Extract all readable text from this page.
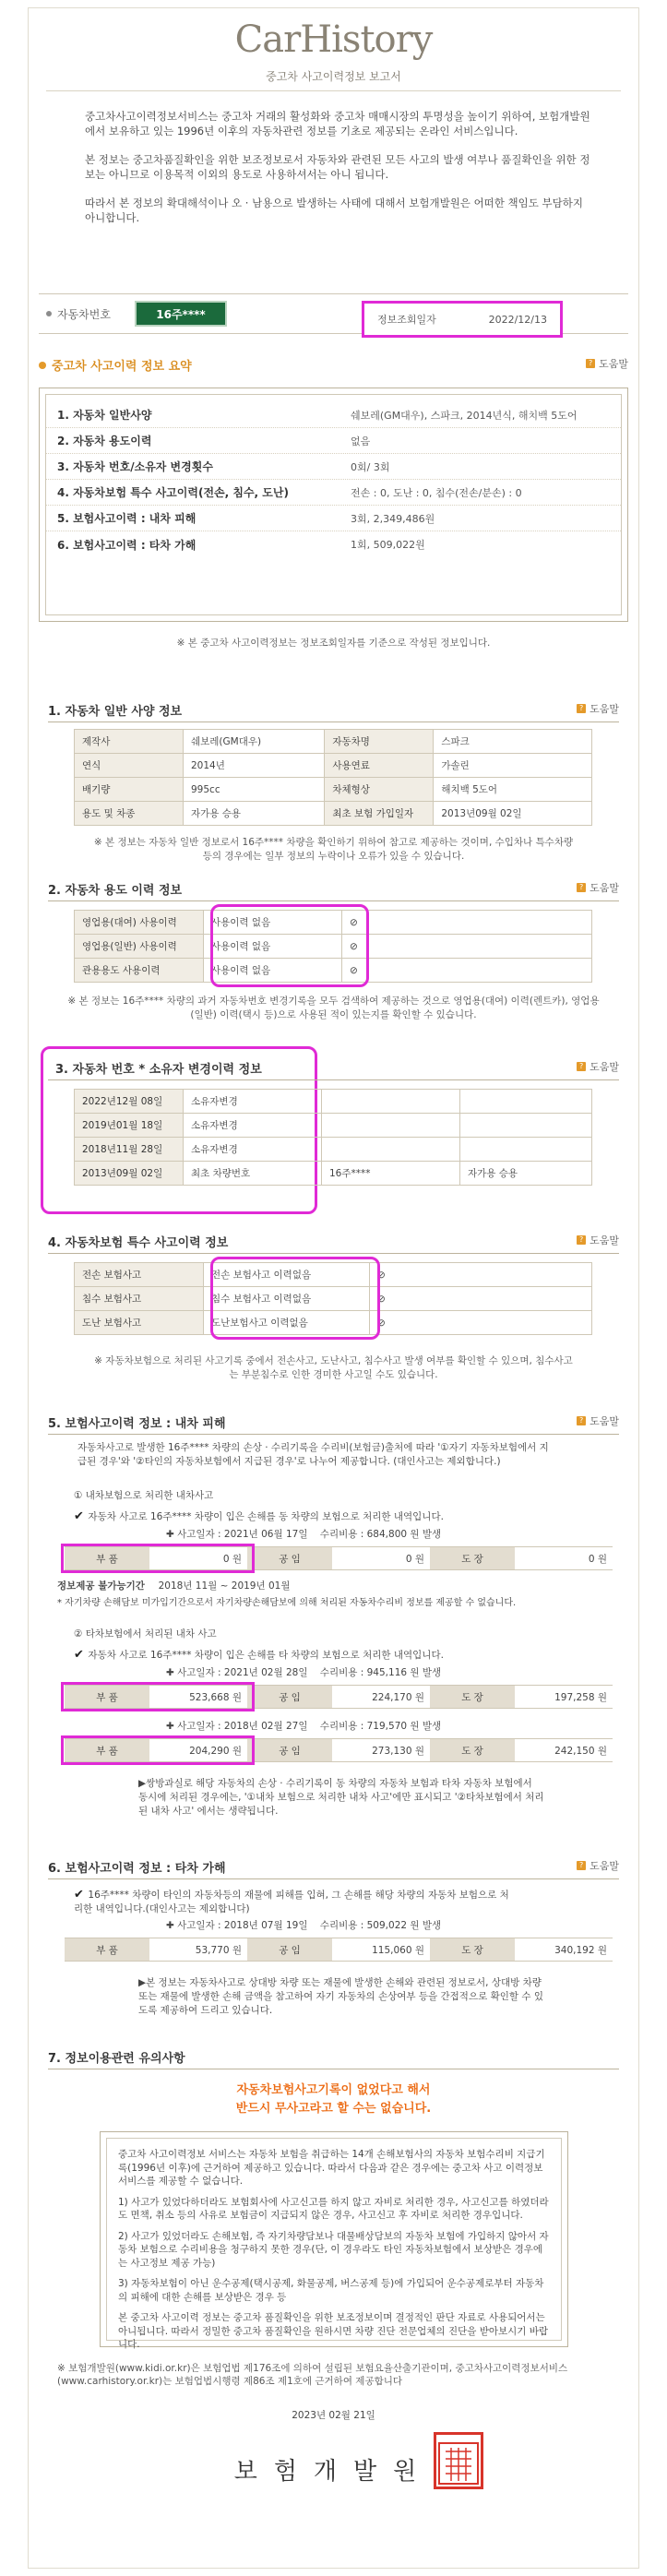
CarHistory
중고차 사고이력정보 보고서

중고차사고이력정보서비스는 중고차 거래의 활성화와 중고차 매매시장의 투명성을 높이기 위하여, 보험개발원에서 보유하고 있는 1996년 이후의 자동차관련 정보를 기초로 제공되는 온라인 서비스입니다.

본 정보는 중고차품질확인을 위한 보조정보로서 자동차와 관련된 모든 사고의 발생 여부나 품질확인을 위한 정보는 아니므로 이용목적 이외의 용도로 사용하셔서는 아니 됩니다.

따라서 본 정보의 확대해석이나 오 · 남용으로 발생하는 사태에 대해서 보험개발원은 어떠한 책임도 부담하지 아니합니다.

자동차번호	16주****	정보조회일자	2022/12/13
중고차 사고이력 정보 요약	? 도움말
1. 자동차 일반사양	쉐보레(GM대우), 스파크, 2014년식, 해치백 5도어
2. 자동차 용도이력	없음
3. 자동차 번호/소유자 변경횟수	0회/ 3회
4. 자동차보험 특수 사고이력(전손, 침수, 도난)	전손 : 0, 도난 : 0, 침수(전손/분손) : 0
5. 보험사고이력 : 내차 피해	3회, 2,349,486원
6. 보험사고이력 : 타차 가해	1회, 509,022원
※ 본 중고차 사고이력정보는 정보조회일자를 기준으로 작성된 정보입니다.
1. 자동차 일반 사양 정보	? 도움말
제작사	쉐보레(GM대우)	자동차명	스파크
연식	2014년	사용연료	가솔린
배기량	995cc	차체형상	해치백 5도어
용도 및 차종	자가용 승용	최초 보험 가입일자	2013년09월 02일
※ 본 정보는 자동차 일반 정보로서 16주**** 차량을 확인하기 위하여 참고로 제공하는 것이며, 수입차나 특수차량 등의 경우에는 일부 정보의 누락이나 오류가 있을 수 있습니다.
2. 자동차 용도 이력 정보	? 도움말
영업용(대여) 사용이력	사용이력 없음	⊘
영업용(일반) 사용이력	사용이력 없음	⊘
관용용도 사용이력	사용이력 없음	⊘
※ 본 정보는 16주**** 차량의 과거 자동차번호 변경기록을 모두 검색하여 제공하는 것으로 영업용(대여) 이력(렌트카), 영업용(일반) 이력(택시 등)으로 사용된 적이 있는지를 확인할 수 있습니다.
3. 자동차 번호 * 소유자 변경이력 정보	? 도움말
2022년12월 08일	소유자변경		
2019년01월 18일	소유자변경		
2018년11월 28일	소유자변경		
2013년09월 02일	최초 차량번호	16주****	자가용 승용
4. 자동차보험 특수 사고이력 정보	? 도움말
전손 보험사고	전손 보험사고 이력없음	⊘
침수 보험사고	침수 보험사고 이력없음	⊘
도난 보험사고	도난보험사고 이력없음	⊘
※ 자동차보험으로 처리된 사고기록 중에서 전손사고, 도난사고, 침수사고 발생 여부를 확인할 수 있으며, 침수사고는 부분침수로 인한 경미한 사고일 수도 있습니다.
5. 보험사고이력 정보 : 내차 피해	? 도움말
자동차사고로 발생한 16주**** 차량의 손상 · 수리기록을 수리비(보험금)출처에 따라 '①자기 자동차보험에서 지급된 경우'와 '②타인의 자동차보험에서 지급된 경우'로 나누어 제공합니다. (대인사고는 제외합니다.)
① 내차보험으로 처리한 내차사고
✔ 자동차 사고로 16주**** 차량이 입은 손해를 동 차량의 보험으로 처리한 내역입니다.
✚ 사고일자 : 2021년 06월 17일 수리비용 : 684,800 원 발생
부 품	0 원	공 임	0 원	도 장	0 원
정보제공 불가능기간 2018년 11월 ~ 2019년 01월
* 자기차량 손해담보 미가입기간으로서 자기차량손해담보에 의해 처리된 자동차수리비 정보를 제공할 수 없습니다.
② 타차보험에서 처리된 내차 사고
✔ 자동차 사고로 16주**** 차량이 입은 손해를 타 차량의 보험으로 처리한 내역입니다.
✚ 사고일자 : 2021년 02월 28일 수리비용 : 945,116 원 발생
부 품	523,668 원	공 임	224,170 원	도 장	197,258 원
✚ 사고일자 : 2018년 02월 27일 수리비용 : 719,570 원 발생
부 품	204,290 원	공 임	273,130 원	도 장	242,150 원
▶쌍방과실로 해당 자동차의 손상 · 수리기록이 동 차량의 자동차 보험과 타차 자동차 보험에서 동시에 처리된 경우에는, '①내차 보험으로 처리한 내차 사고'에만 표시되고 '②타차보험에서 처리된 내차 사고' 에서는 생략됩니다.
6. 보험사고이력 정보 : 타차 가해	? 도움말
✔ 16주**** 차량이 타인의 자동차등의 재물에 피해를 입혀, 그 손해를 해당 차량의 자동차 보험으로 처리한 내역입니다.(대인사고는 제외합니다)
✚ 사고일자 : 2018년 07월 19일 수리비용 : 509,022 원 발생
부 품	53,770 원	공 임	115,060 원	도 장	340,192 원
▶본 정보는 자동차사고로 상대방 차량 또는 재물에 발생한 손해와 관련된 정보로서, 상대방 차량 또는 재물에 발생한 손해 금액을 참고하여 자기 자동차의 손상여부 등을 간접적으로 확인할 수 있도록 제공하여 드리고 있습니다.
7. 정보이용관련 유의사항
자동차보험사고기록이 없었다고 해서
반드시 무사고라고 할 수는 없습니다.

중고차 사고이력정보 서비스는 자동차 보험을 취급하는 14개 손해보험사의 자동차 보험수리비 지급기록(1996년 이후)에 근거하여 제공하고 있습니다. 따라서 다음과 같은 경우에는 중고차 사고 이력정보 서비스를 제공할 수 없습니다.

1) 사고가 있었다하더라도 보험회사에 사고신고를 하지 않고 자비로 처리한 경우, 사고신고를 하였더라도 면책, 취소 등의 사유로 보험금이 지급되지 않은 경우, 사고신고 후 자비로 처리한 경우입니다.

2) 사고가 있었더라도 손해보험, 즉 자기차량담보나 대물배상담보의 자동차 보험에 가입하지 않아서 자동차 보험으로 수리비용을 청구하지 못한 경우(단, 이 경우라도 타인 자동차보험에서 보상받은 경우에는 사고정보 제공 가능)

3) 자동차보험이 아닌 운수공제(택시공제, 화물공제, 버스공제 등)에 가입되어 운수공제로부터 자동차의 피해에 대한 손해를 보상받은 경우 등

본 중고차 사고이력 정보는 중고차 품질확인을 위한 보조정보이며 결정적인 판단 자료로 사용되어서는 아니됩니다. 따라서 정밀한 중고차 품질확인을 원하시면 차량 진단 전문업체의 진단을 받아보시기 바랍니다.

※ 보험개발원(www.kidi.or.kr)은 보험업법 제176조에 의하여 설립된 보험요율산출기관이며, 중고차사고이력정보서비스(www.carhistory.or.kr)는 보험업법시행령 제86조 제1호에 근거하여 제공합니다
2023년 02월 21일
보험개발원
